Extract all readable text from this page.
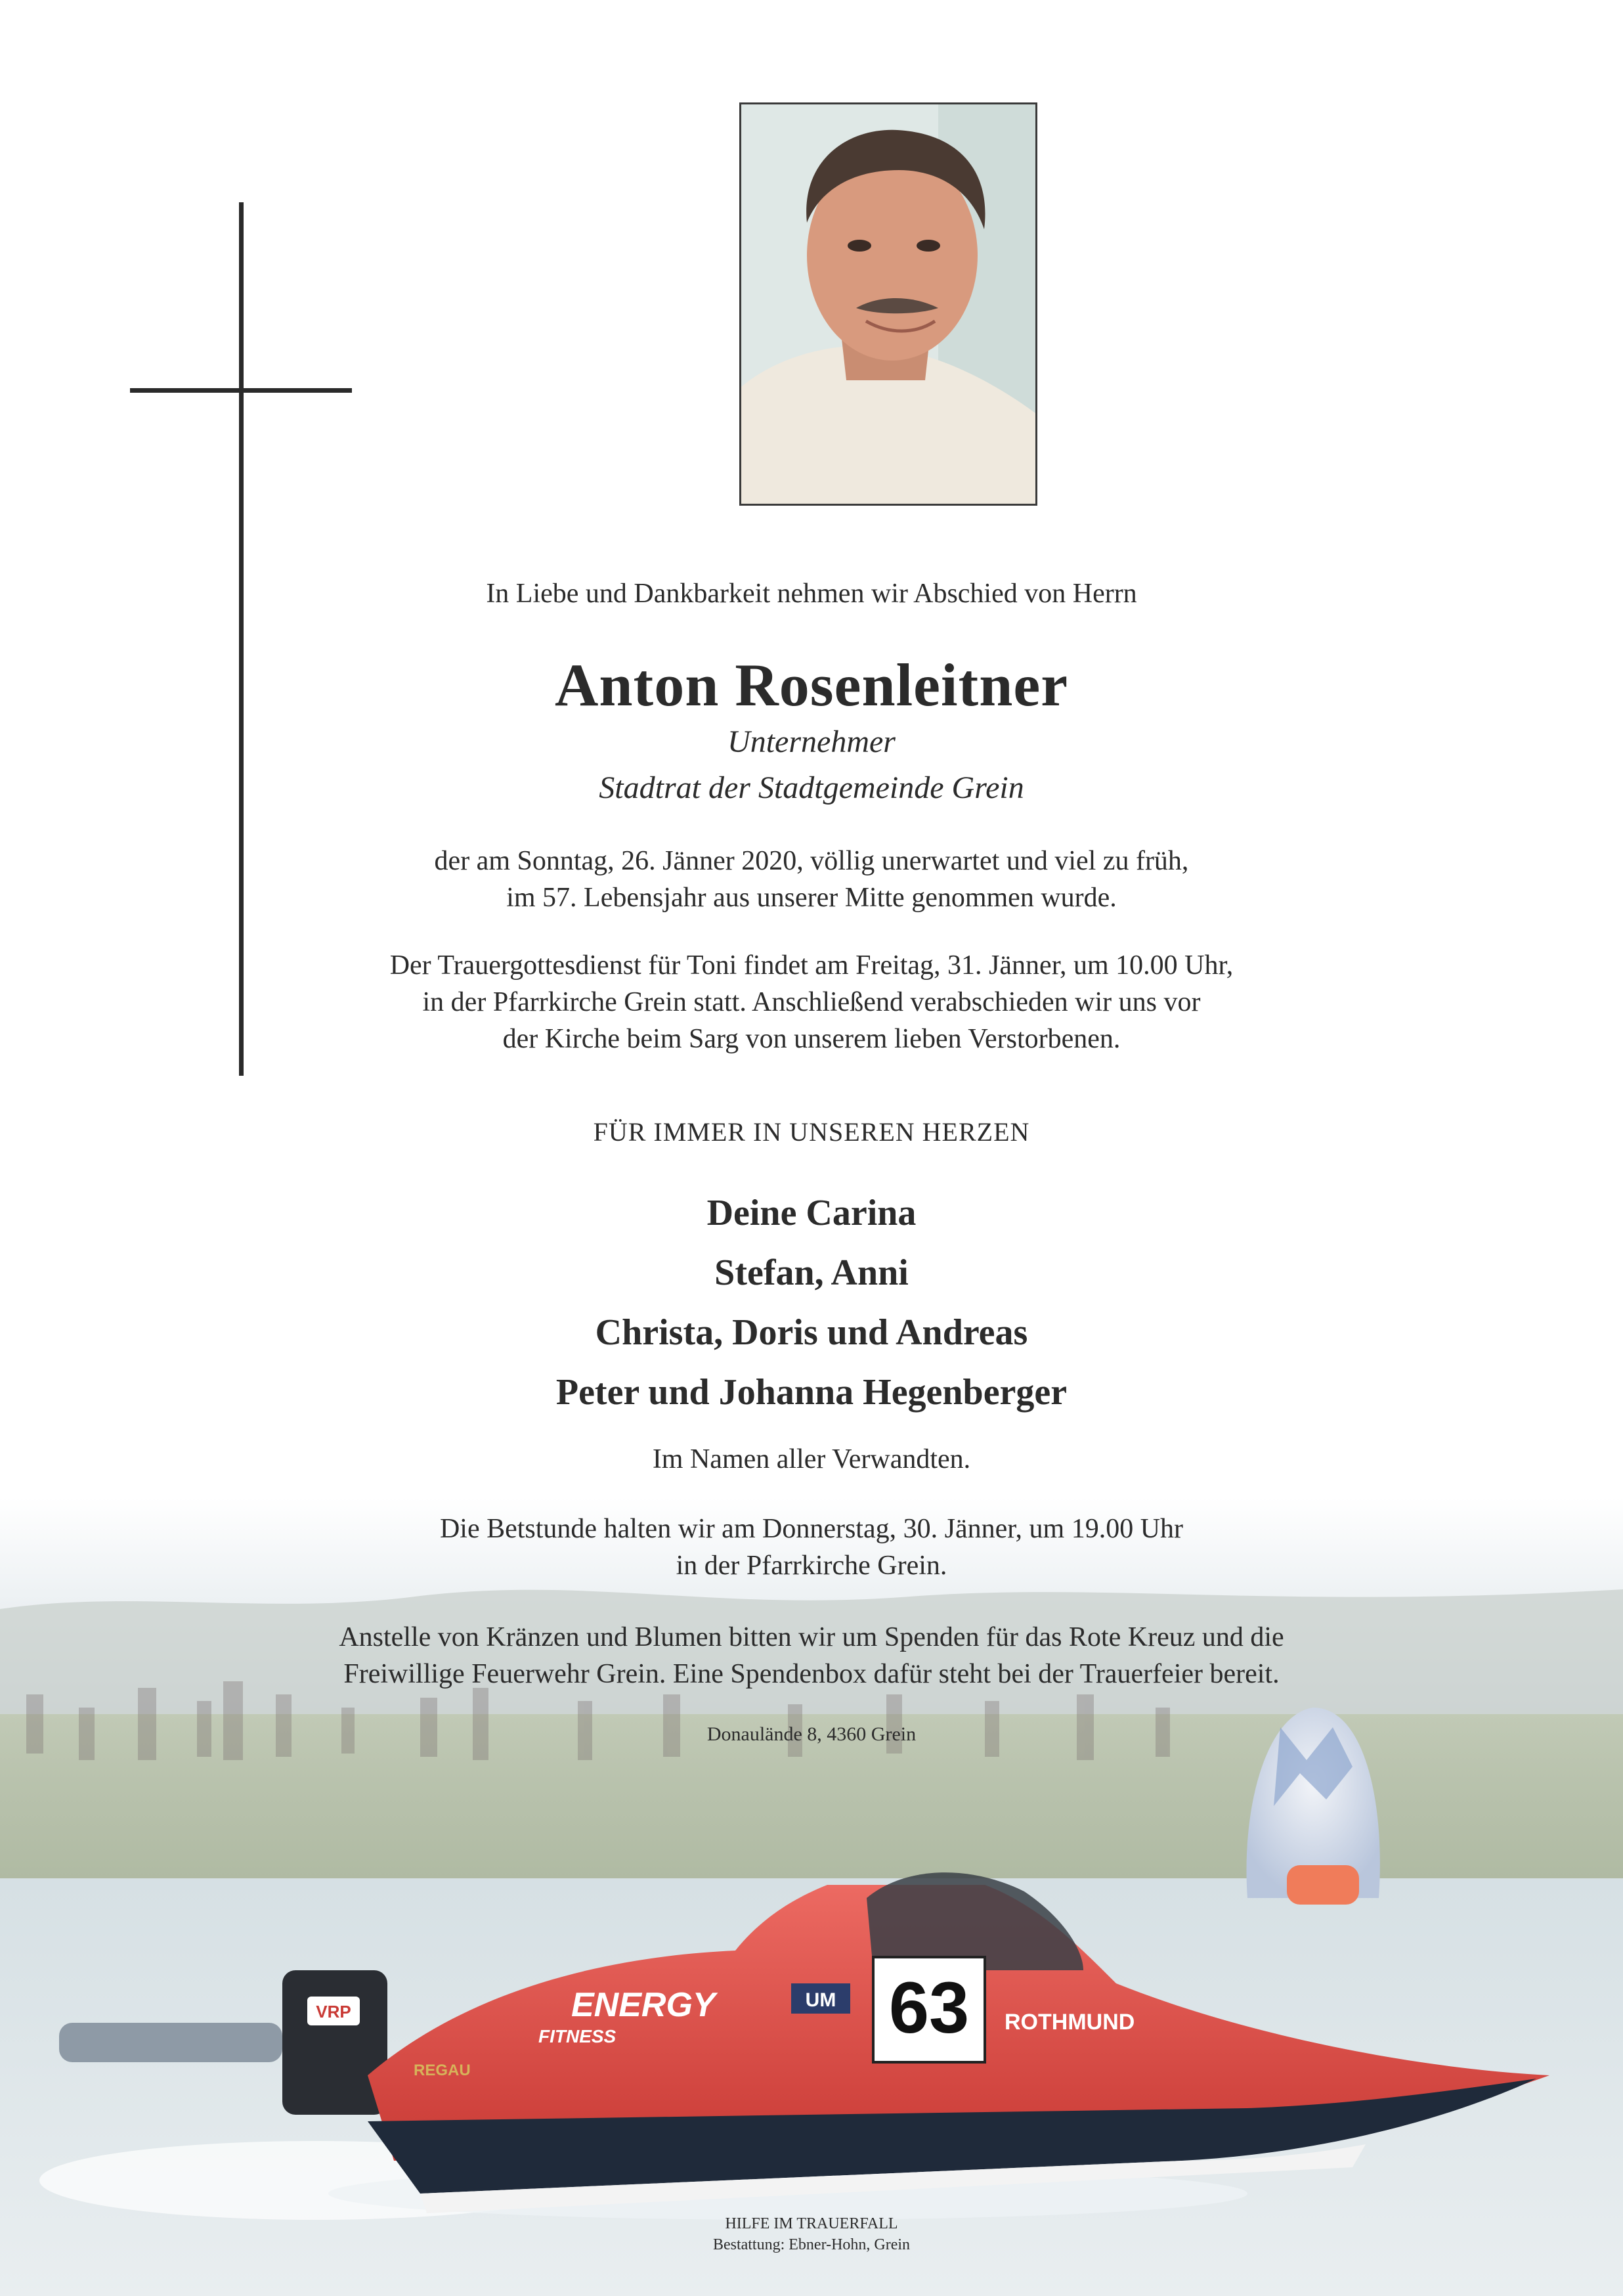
63 ROTHMUND
ENERGY
FITNESS
UM
VRP
REGAU
In Liebe und Dankbarkeit nehmen wir Abschied von Herrn
Anton Rosenleitner
Unternehmer
Stadtrat der Stadtgemeinde Grein
der am Sonntag, 26. Jänner 2020, völlig unerwartet und viel zu früh,
im 57. Lebensjahr aus unserer Mitte genommen wurde.
Der Trauergottesdienst für Toni findet am Freitag, 31. Jänner, um 10.00 Uhr,
in der Pfarrkirche Grein statt. Anschließend verabschieden wir uns vor
der Kirche beim Sarg von unserem lieben Verstorbenen.
FÜR IMMER IN UNSEREN HERZEN
Deine Carina
Stefan, Anni
Christa, Doris und Andreas
Peter und Johanna Hegenberger
Im Namen aller Verwandten.
Die Betstunde halten wir am Donnerstag, 30. Jänner, um 19.00 Uhr
in der Pfarrkirche Grein.
Anstelle von Kränzen und Blumen bitten wir um Spenden für das Rote Kreuz und die
Freiwillige Feuerwehr Grein. Eine Spendenbox dafür steht bei der Trauerfeier bereit.
Donaulände 8, 4360 Grein
HILFE IM TRAUERFALL
Bestattung: Ebner-Hohn, Grein
